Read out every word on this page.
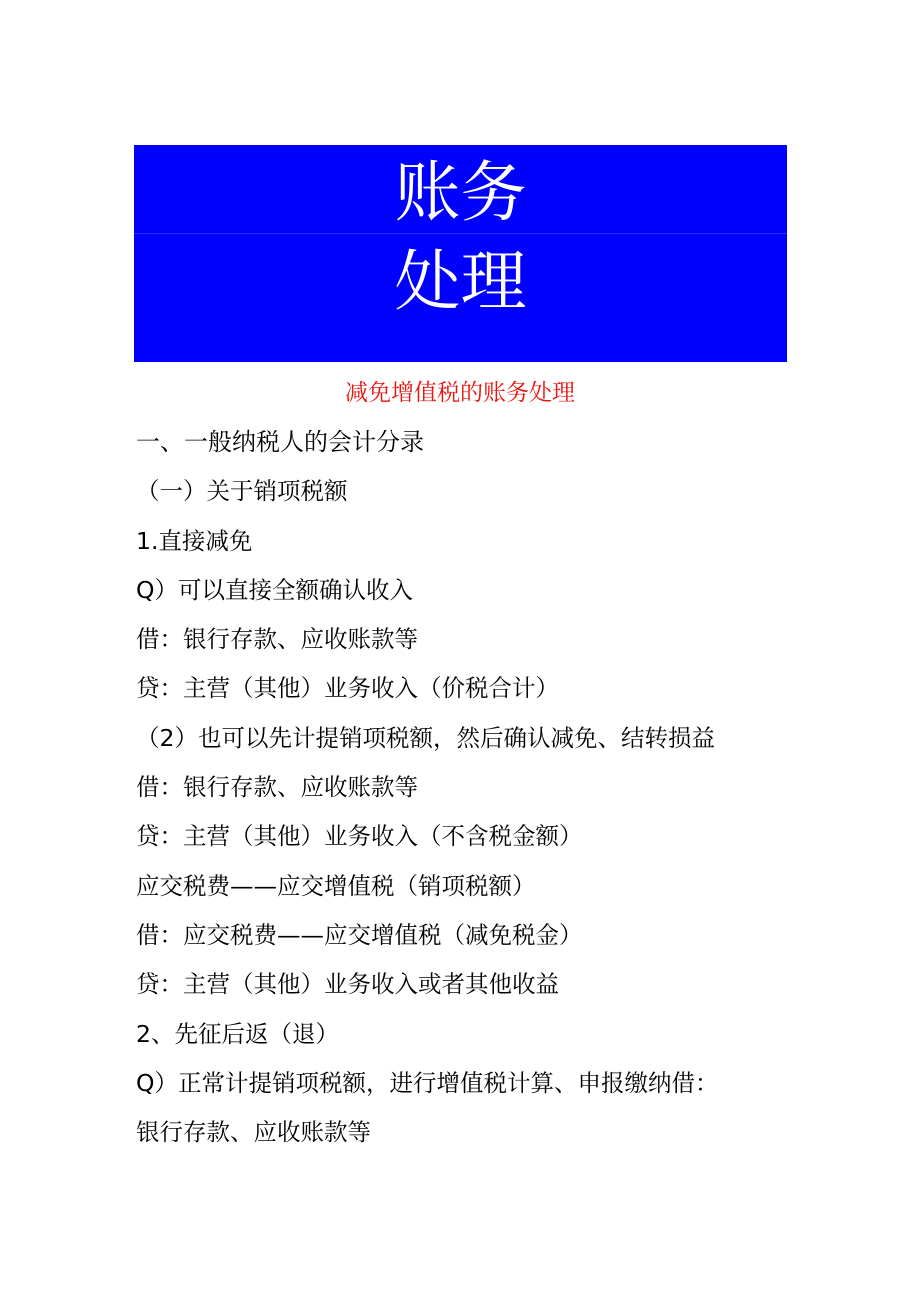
账务
处理
减免增值税的账务处理
一、一般纳税人的会计分录
（一）关于销项税额
1.直接减免
Q）可以直接全额确认收入
借：银行存款、应收账款等
贷：主营（其他）业务收入（价税合计）
（2）也可以先计提销项税额，然后确认减免、结转损益
借：银行存款、应收账款等
贷：主营（其他）业务收入（不含税金额）
应交税费——应交增值税（销项税额）
借：应交税费——应交增值税（减免税金）
贷：主营（其他）业务收入或者其他收益
2、先征后返（退）
Q）正常计提销项税额，进行增值税计算、申报缴纳借：
银行存款、应收账款等
